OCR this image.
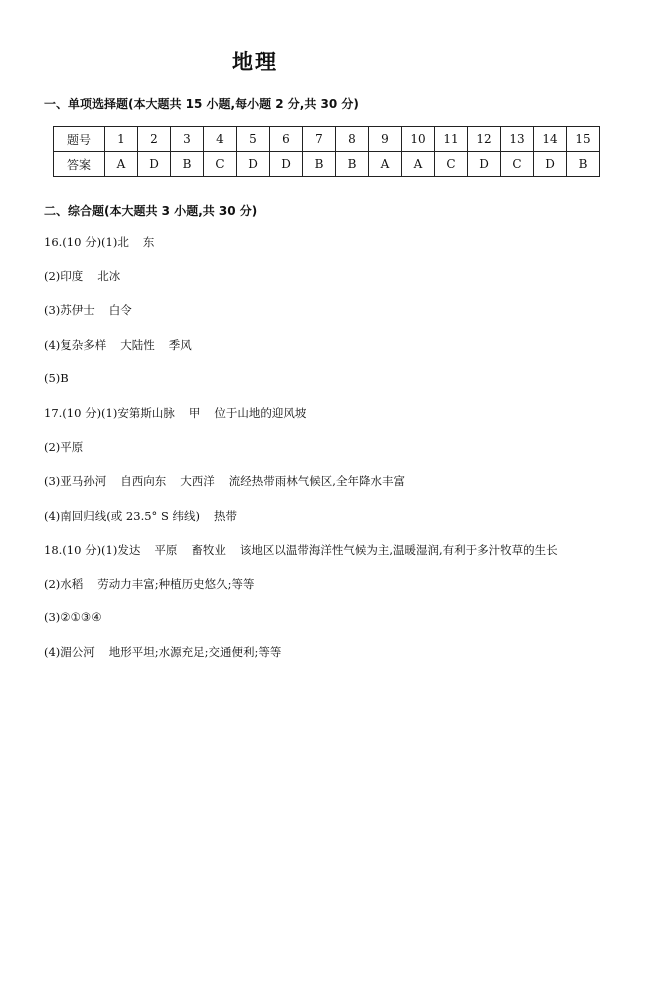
地理
一、单项选择题(本大题共 15 小题,每小题 2 分,共 30 分)
题号	1	2	3	4	5	6	7	8	9	10	11	12	13	14	15
答案	A	D	B	C	D	D	B	B	A	A	C	D	C	D	B
二、综合题(本大题共 3 小题,共 30 分)
16.(10 分)(1)北 东
(2)印度 北冰
(3)苏伊士 白令
(4)复杂多样 大陆性 季风
(5)B
17.(10 分)(1)安第斯山脉 甲 位于山地的迎风坡
(2)平原
(3)亚马孙河 自西向东 大西洋 流经热带雨林气候区,全年降水丰富
(4)南回归线(或 23.5° S 纬线) 热带
18.(10 分)(1)发达 平原 畜牧业 该地区以温带海洋性气候为主,温暖湿润,有利于多汁牧草的生长
(2)水稻 劳动力丰富;种植历史悠久;等等
(3)②①③④
(4)湄公河 地形平坦;水源充足;交通便利;等等
